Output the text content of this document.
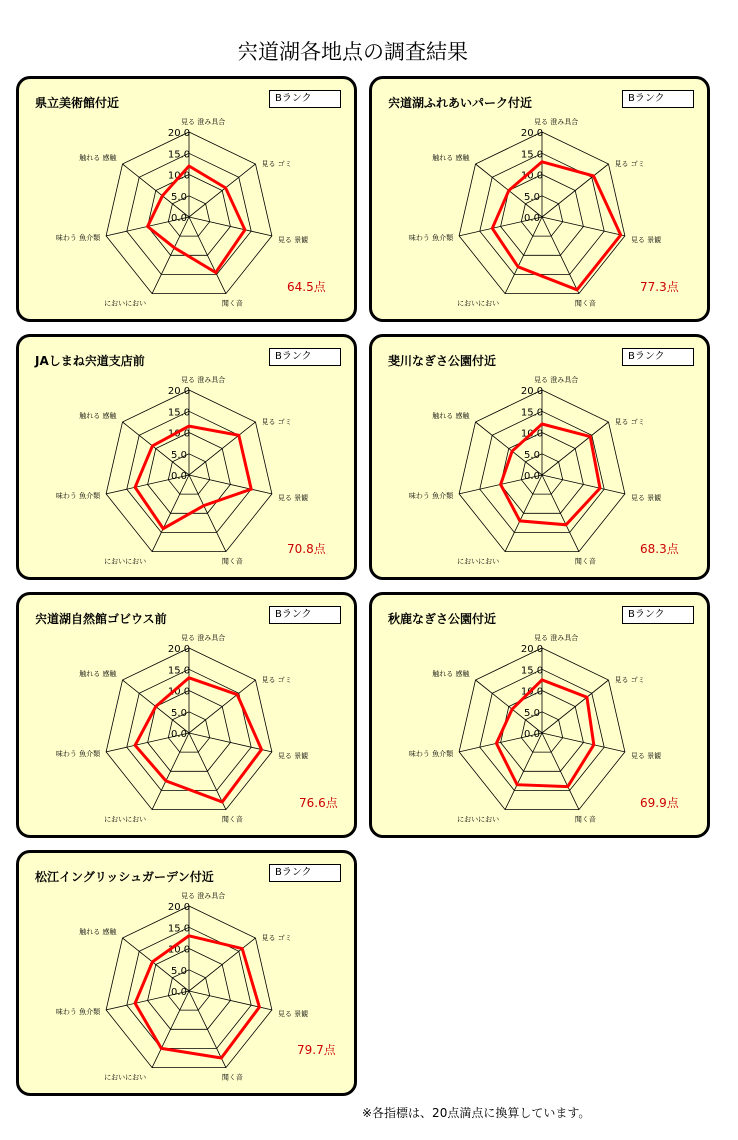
宍道湖各地点の調査結果
県立美術館付近	Bランク
0.0
5.0
10.0
15.0
20.0
見る 澄み具合
見る ゴミ
見る 景観
聞く音
においにおい
味わう 魚介類
触れる 感触
64.5点
宍道湖ふれあいパーク付近	Bランク
0.0
5.0
10.0
15.0
20.0
見る 澄み具合
見る ゴミ
見る 景観
聞く音
においにおい
味わう 魚介類
触れる 感触
77.3点
JAしまね宍道支店前	Bランク
0.0
5.0
10.0
15.0
20.0
見る 澄み具合
見る ゴミ
見る 景観
聞く音
においにおい
味わう 魚介類
触れる 感触
70.8点
斐川なぎさ公園付近	Bランク
0.0
5.0
10.0
15.0
20.0
見る 澄み具合
見る ゴミ
見る 景観
聞く音
においにおい
味わう 魚介類
触れる 感触
68.3点
宍道湖自然館ゴビウス前	Bランク
0.0
5.0
10.0
15.0
20.0
見る 澄み具合
見る ゴミ
見る 景観
聞く音
においにおい
味わう 魚介類
触れる 感触
76.6点
秋鹿なぎさ公園付近	Bランク
0.0
5.0
10.0
15.0
20.0
見る 澄み具合
見る ゴミ
見る 景観
聞く音
においにおい
味わう 魚介類
触れる 感触
69.9点
松江イングリッシュガーデン付近	Bランク
0.0
5.0
10.0
15.0
20.0
見る 澄み具合
見る ゴミ
見る 景観
聞く音
においにおい
味わう 魚介類
触れる 感触
79.7点
※各指標は、20点満点に換算しています。
